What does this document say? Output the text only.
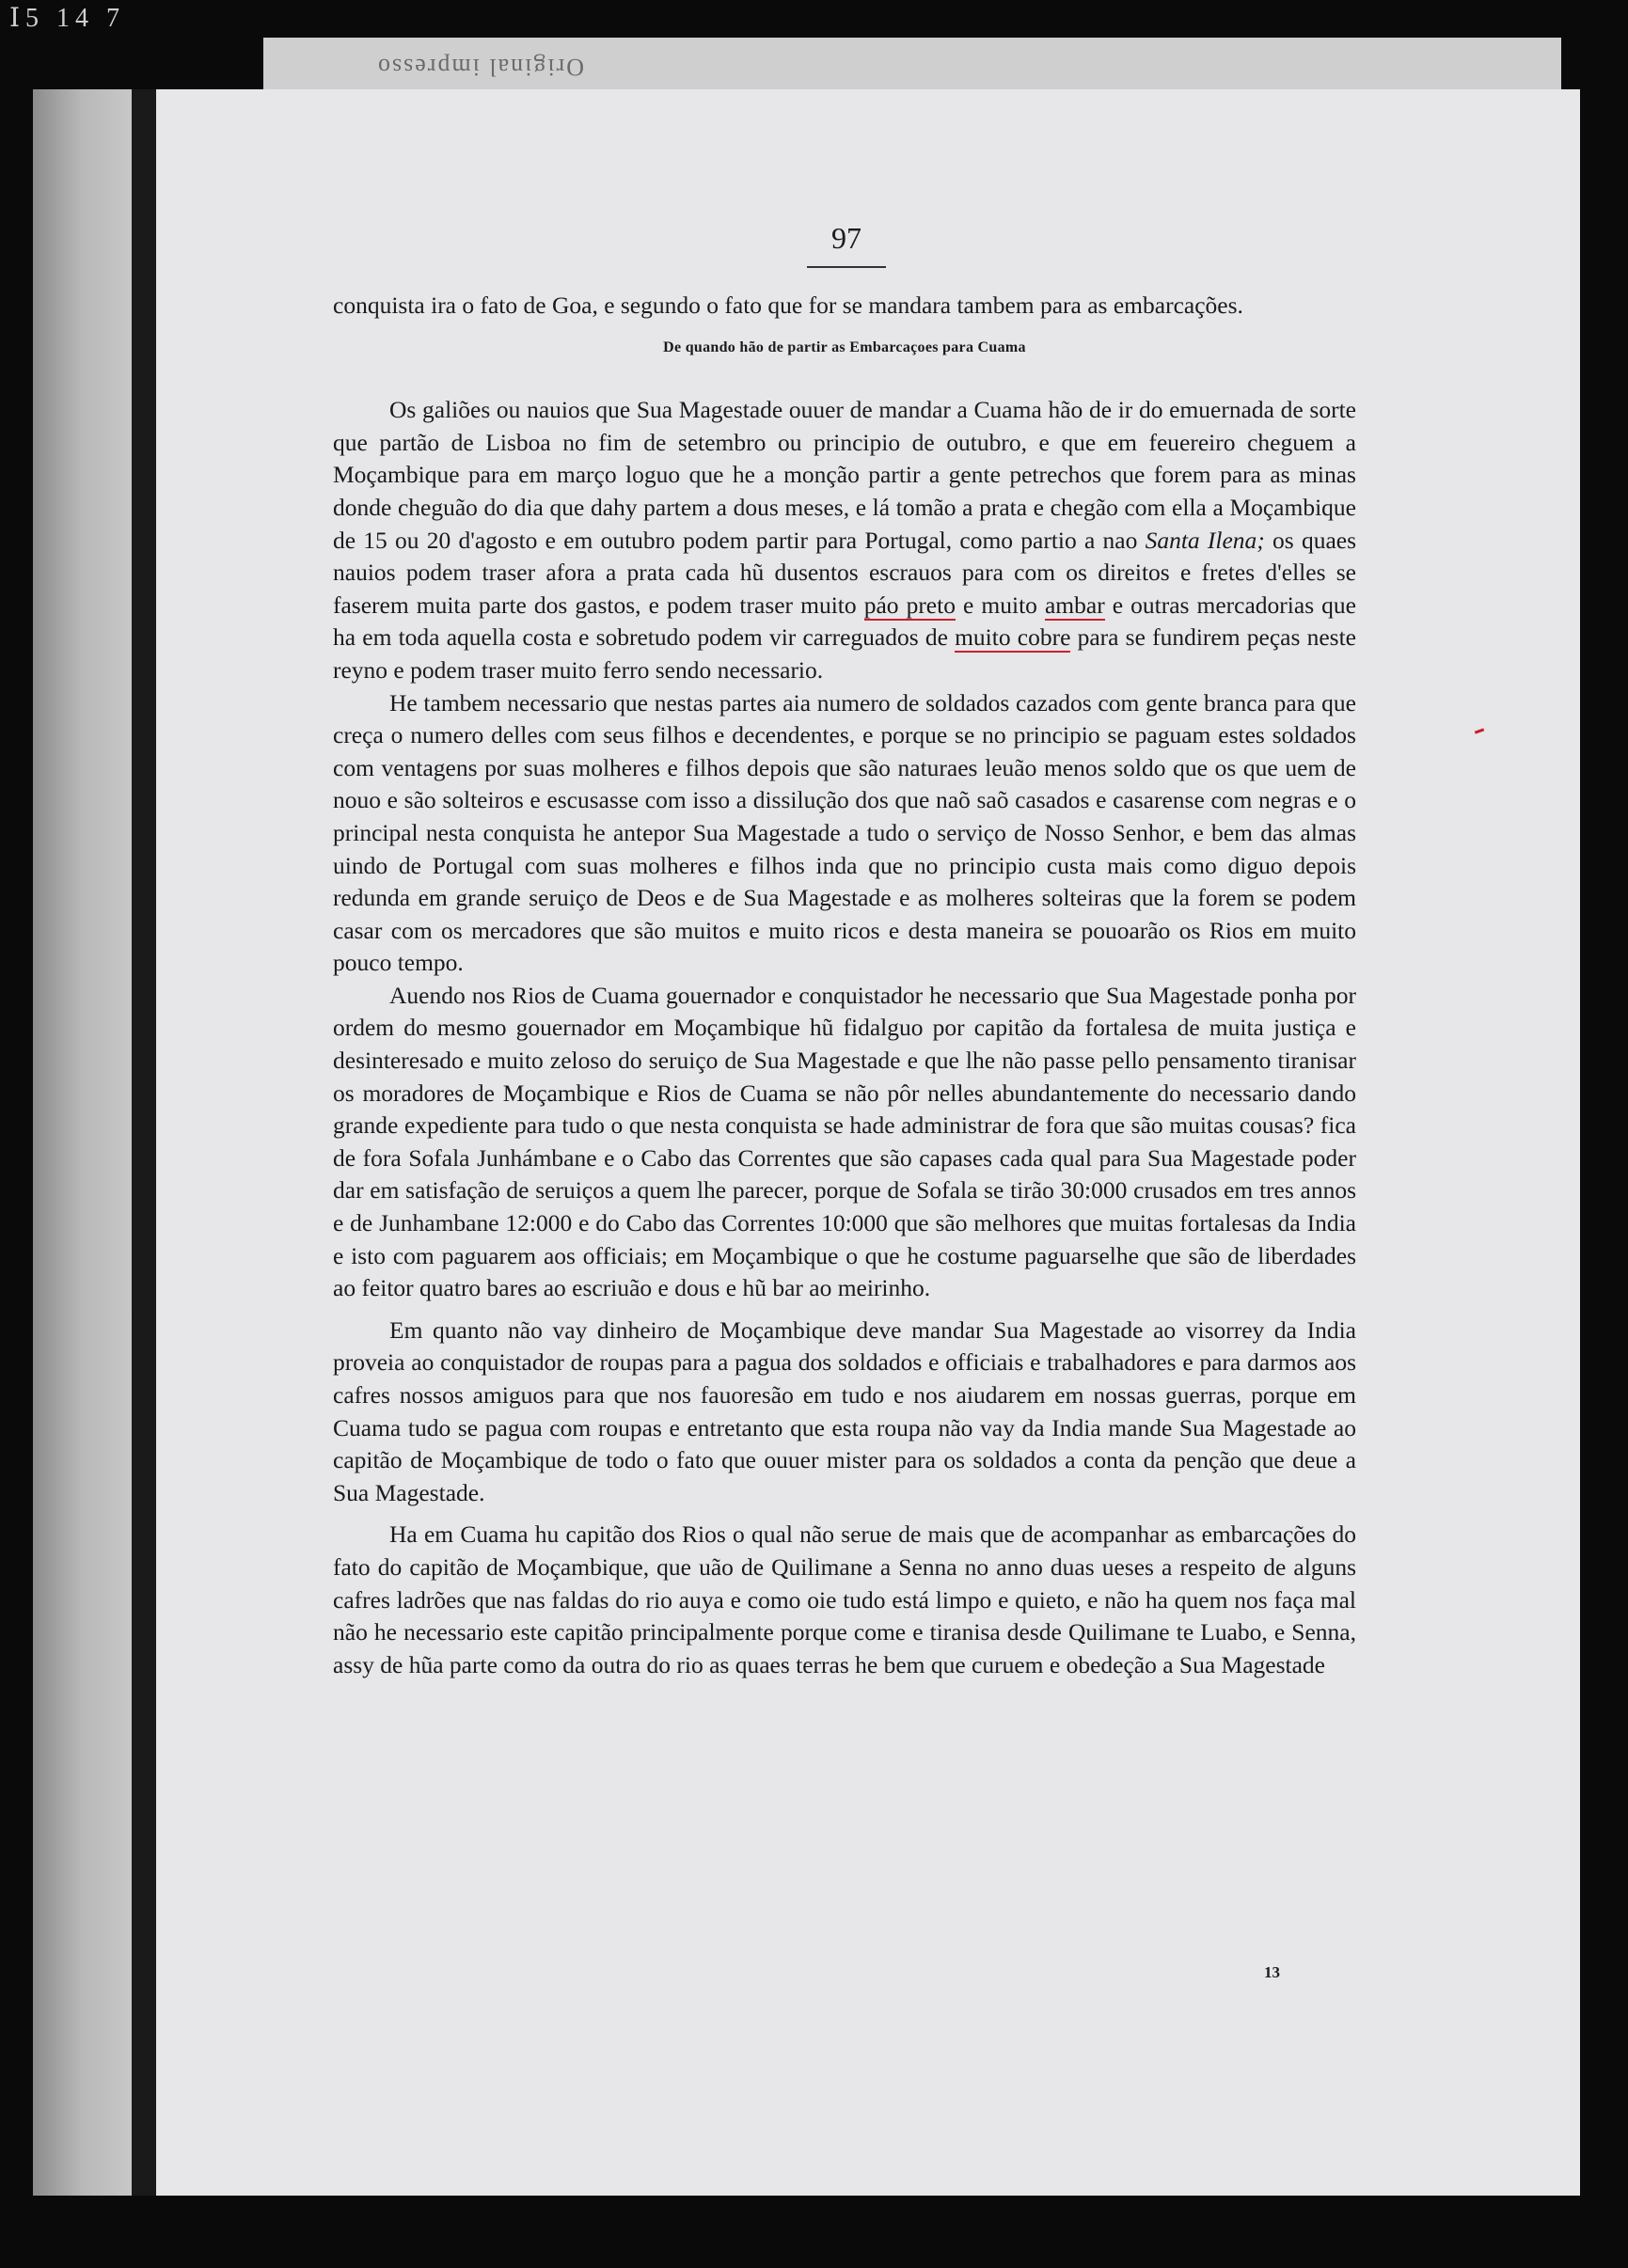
Ⅰ5 14 7
Original impresso
97

conquista ira o fato de Goa, e segundo o fato que for se mandara tambem para as embarcações.

De quando hão de partir as Embarcaçoes para Cuama

Os galiões ou nauios que Sua Magestade ouuer de mandar a Cuama hão de ir do emuernada de sorte que partão de Lisboa no fim de setembro ou principio de outubro, e que em feuereiro cheguem a Moçambique para em março loguo que he a monção partir a gente petrechos que forem para as minas donde cheguão do dia que dahy partem a dous meses, e lá tomão a prata e chegão com ella a Moçambique de 15 ou 20 d'agosto e em outubro podem partir para Portugal, como partio a nao Santa Ilena; os quaes nauios podem traser afora a prata cada hũ dusentos escrauos para com os direitos e fretes d'elles se faserem muita parte dos gastos, e podem traser muito páo preto e muito ambar e outras mercadorias que ha em toda aquella costa e sobretudo podem vir carreguados de muito cobre para se fundirem peças neste reyno e podem traser muito ferro sendo necessario.

He tambem necessario que nestas partes aia numero de soldados cazados com gente branca para que creça o numero delles com seus filhos e decendentes, e porque se no principio se paguam estes soldados com ventagens por suas molheres e filhos depois que são naturaes leuão menos soldo que os que uem de nouo e são solteiros e escusasse com isso a dissilução dos que naõ saõ casados e casarense com negras e o principal nesta conquista he antepor Sua Magestade a tudo o serviço de Nosso Senhor, e bem das almas uindo de Portugal com suas molheres e filhos inda que no principio custa mais como diguo depois redunda em grande seruiço de Deos e de Sua Magestade e as molheres solteiras que la forem se podem casar com os mercadores que são muitos e muito ricos e desta maneira se pouoarão os Rios em muito pouco tempo.

Auendo nos Rios de Cuama gouernador e conquistador he necessario que Sua Magestade ponha por ordem do mesmo gouernador em Moçambique hũ fidalguo por capitão da fortalesa de muita justiça e desinteresado e muito zeloso do seruiço de Sua Magestade e que lhe não passe pello pensamento tiranisar os moradores de Moçambique e Rios de Cuama se não pôr nelles abundantemente do necessario dando grande expediente para tudo o que nesta conquista se hade administrar de fora que são muitas cousas? fica de fora Sofala Junhámbane e o Cabo das Correntes que são capases cada qual para Sua Magestade poder dar em satisfação de seruiços a quem lhe parecer, porque de Sofala se tirão 30:000 crusados em tres annos e de Junhambane 12:000 e do Cabo das Correntes 10:000 que são melhores que muitas fortalesas da India e isto com paguarem aos officiais; em Moçambique o que he costume paguarselhe que são de liberdades ao feitor quatro bares ao escriuão e dous e hũ bar ao meirinho.

Em quanto não vay dinheiro de Moçambique deve mandar Sua Magestade ao visorrey da India proveia ao conquistador de roupas para a pagua dos soldados e officiais e trabalhadores e para darmos aos cafres nossos amiguos para que nos fauoresão em tudo e nos aiudarem em nossas guerras, porque em Cuama tudo se pagua com roupas e entretanto que esta roupa não vay da India mande Sua Magestade ao capitão de Moçambique de todo o fato que ouuer mister para os soldados a conta da penção que deue a Sua Magestade.

Ha em Cuama hu capitão dos Rios o qual não serue de mais que de acompanhar as embarcações do fato do capitão de Moçambique, que uão de Quilimane a Senna no anno duas ueses a respeito de alguns cafres ladrões que nas faldas do rio auya e como oie tudo está limpo e quieto, e não ha quem nos faça mal não he necessario este capitão principalmente porque come e tiranisa desde Quilimane te Luabo, e Senna, assy de hũa parte como da outra do rio as quaes terras he bem que curuem e obedeção a Sua Magestade

13
